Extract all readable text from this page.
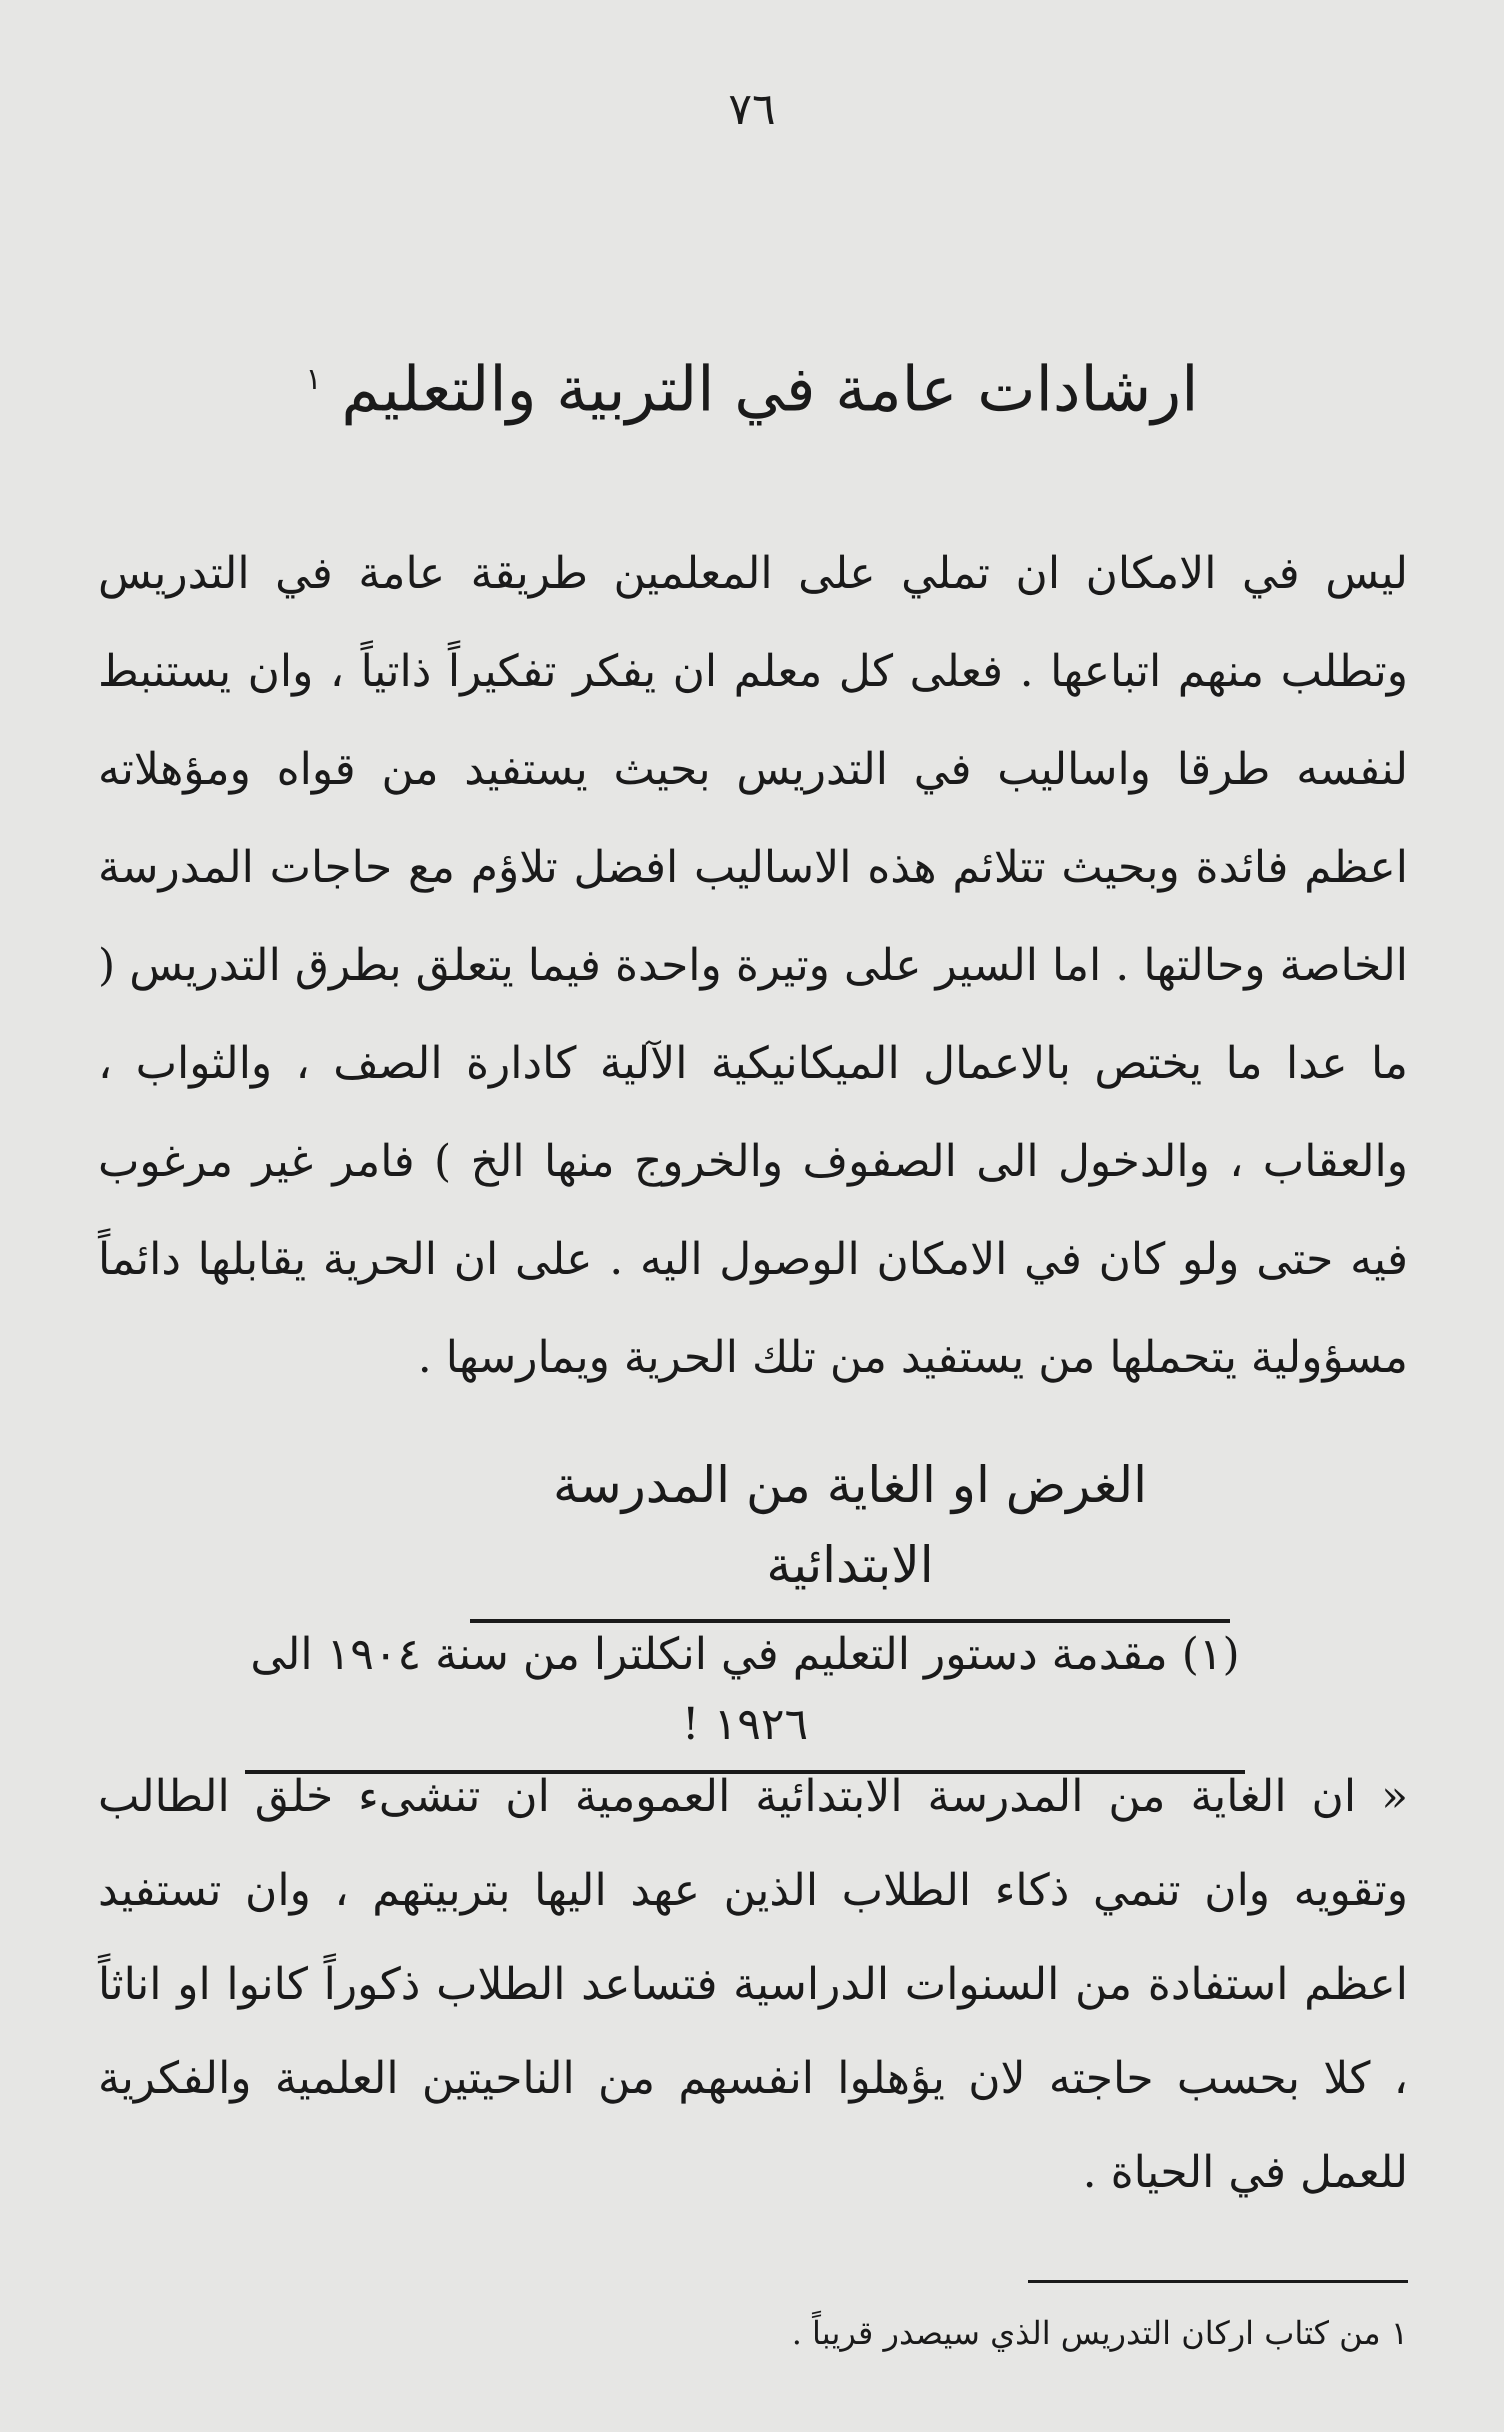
٧٦
ارشادات عامة في التربية والتعليم $^١$

ليس في الامكان ان تملي على المعلمين طريقة عامة في التدريس وتطلب منهم اتباعها . فعلى كل معلم ان يفكر تفكيراً ذاتياً ، وان يستنبط لنفسه طرقا واساليب في التدريس بحيث يستفيد من قواه ومؤهلاته اعظم فائدة وبحيث تتلائم هذه الاساليب افضل تلاؤم مع حاجات المدرسة الخاصة وحالتها . اما السير على وتيرة واحدة فيما يتعلق بطرق التدريس ( ما عدا ما يختص بالاعمال الميكانيكية الآلية كادارة الصف ، والثواب ، والعقاب ، والدخول الى الصفوف والخروج منها الخ ) فامر غير مرغوب فيه حتى ولو كان في الامكان الوصول اليه . على ان الحرية يقابلها دائماً مسؤولية يتحملها من يستفيد من تلك الحرية ويمارسها .

الغرض او الغاية من المدرسة الابتدائية
(١) مقدمة دستور التعليم في انكلترا من سنة ١٩٠٤ الى ١٩٢٦ !

« ان الغاية من المدرسة الابتدائية العمومية ان تنشىء خلق الطالب وتقويه وان تنمي ذكاء الطلاب الذين عهد اليها بتربيتهم ، وان تستفيد اعظم استفادة من السنوات الدراسية فتساعد الطلاب ذكوراً كانوا او اناثاً ، كلا بحسب حاجته لان يؤهلوا انفسهم من الناحيتين العلمية والفكرية للعمل في الحياة .

١ من كتاب اركان التدريس الذي سيصدر قريباً .
